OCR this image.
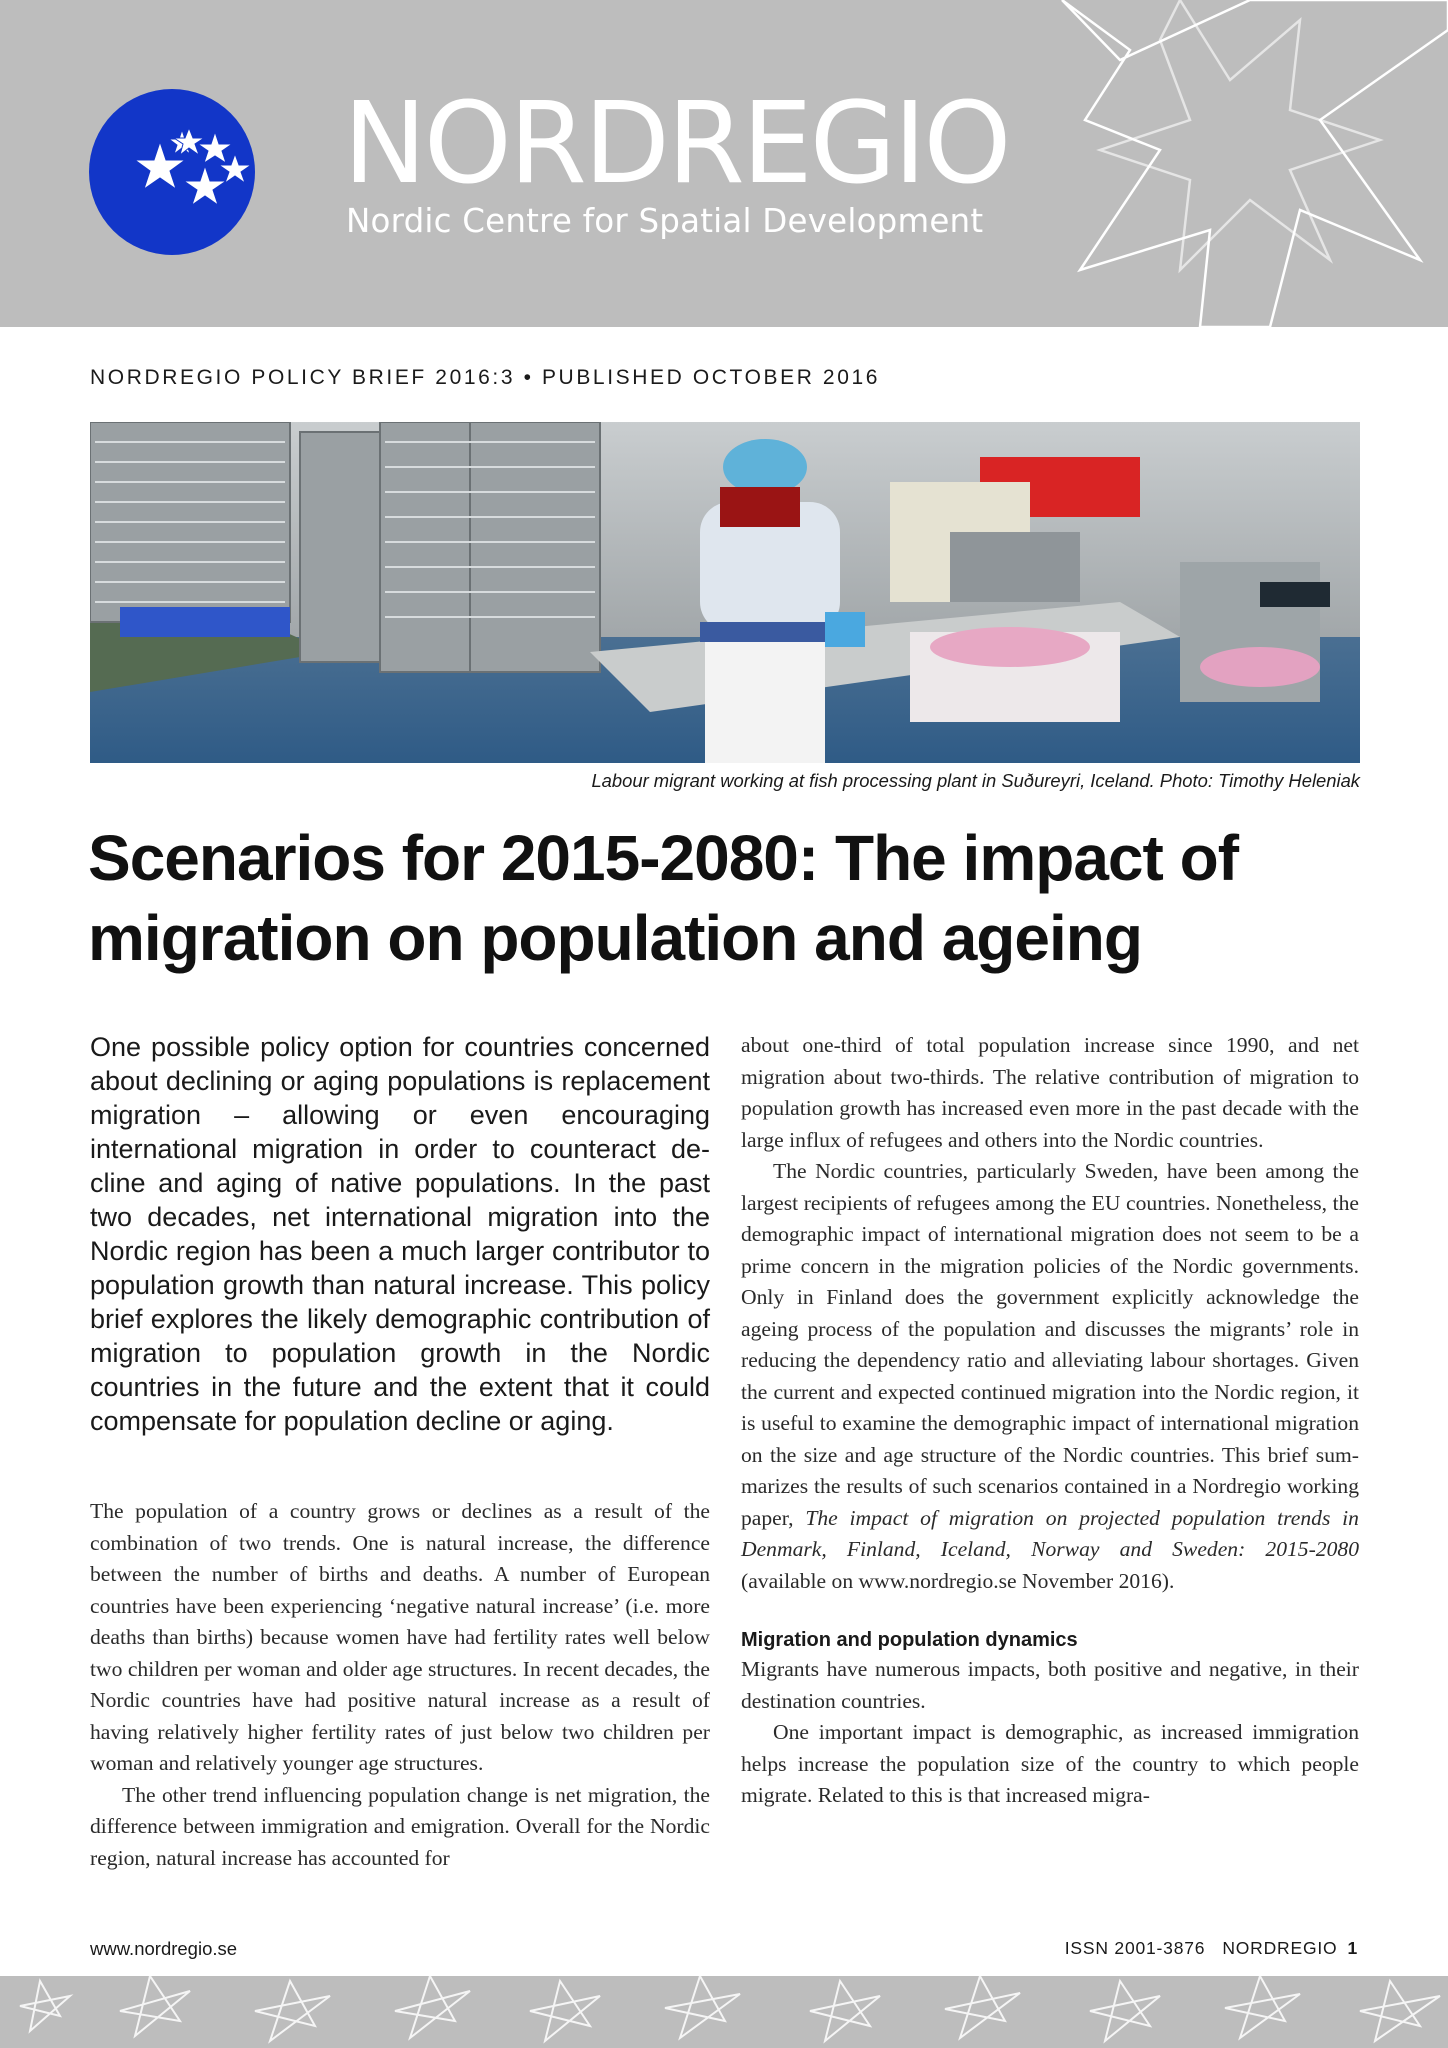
NORDREGIO
Nordic Centre for Spatial Development
NORDREGIO POLICY BRIEF 2016:3 • PUBLISHED OCTOBER 2016
Labour migrant working at fish processing plant in Suðureyri, Iceland. Photo: Timothy Heleniak
Scenarios for 2015-2080: The impact of
migration on population and ageing

One possible policy option for countries concerned about declining or aging populations is replacement migration – allowing or even encouraging international migration in order to counteract decline and aging of native populations. In the past two decades, net international migration into the Nordic region has been a much larger contributor to population growth than natural increase. This policy brief explores the likely demographic contribution of migration to population growth in the Nordic countries in the future and the extent that it could compensate for population decline or aging.

The population of a country grows or declines as a result of the combination of two trends. One is natural increase, the difference between the number of births and deaths. A number of European countries have been experiencing ‘negative natural increase’ (i.e. more deaths than births) because women have had fertility rates well below two children per woman and older age structures. In recent decades, the Nordic countries have had positive natural increase as a result of having relatively higher fertility rates of just below two children per woman and relatively younger age structures.

The other trend influencing population change is net migration, the difference between immigration and emigration. Overall for the Nordic region, natural increase has accounted for

about one-third of total population increase since 1990, and net migration about two-thirds. The relative contribution of migration to population growth has increased even more in the past decade with the large influx of refugees and others into the Nordic countries.

The Nordic countries, particularly Sweden, have been among the largest recipients of refugees among the EU countries. Nonetheless, the demographic impact of international migration does not seem to be a prime concern in the migration policies of the Nordic governments. Only in Finland does the government explicitly acknowledge the ageing process of the population and discusses the migrants’ role in reducing the dependency ratio and alleviating labour shortages. Given the current and expected continued migration into the Nordic region, it is useful to examine the demographic impact of international migration on the size and age structure of the Nordic countries. This brief summarizes the results of such scenarios contained in a Nordregio working paper, The impact of migration on projected population trends in Denmark, Finland, Iceland, Norway and Sweden: 2015-2080 (available on www.nordregio.se November 2016).

Migration and population dynamics

Migrants have numerous impacts, both positive and negative, in their destination countries.

One important impact is demographic, as increased immigration helps increase the population size of the country to which people migrate. Related to this is that increased migra-

www.nordregio.se	ISSN 2001-3876 NORDREGIO 1
